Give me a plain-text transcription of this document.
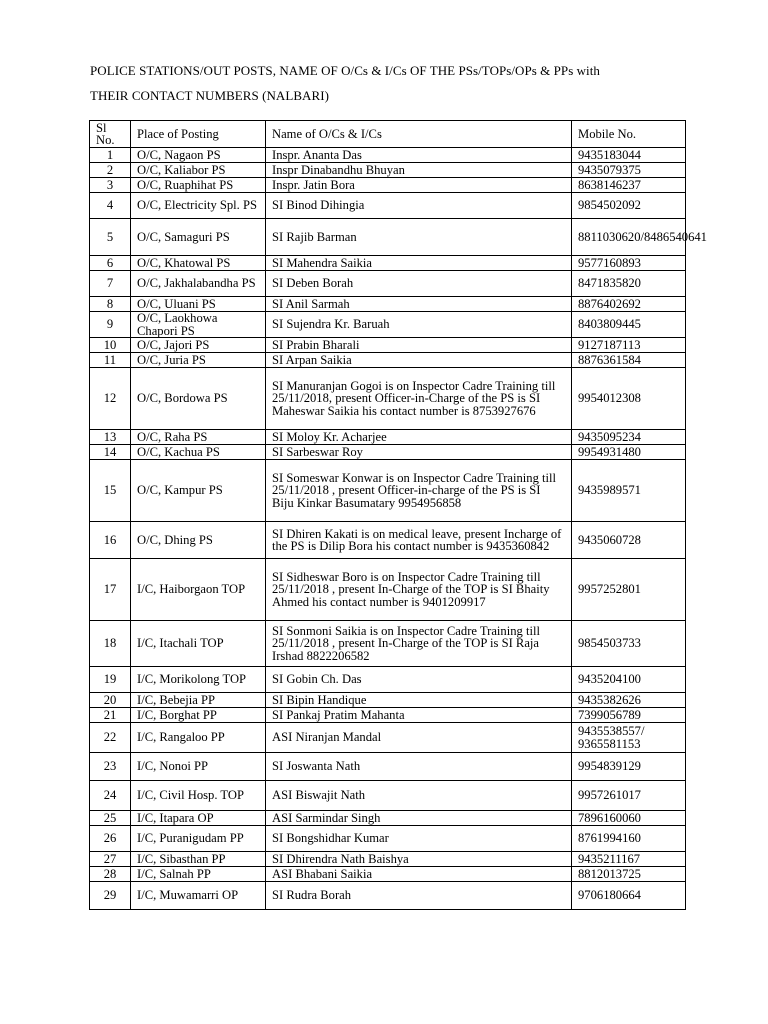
POLICE STATIONS/OUT POSTS, NAME OF O/Cs & I/Cs OF THE PSs/TOPs/OPs & PPs with
THEIR CONTACT NUMBERS (NALBARI)
Sl No.	Place of Posting	Name of O/Cs & I/Cs	Mobile No.
1	O/C, Nagaon PS	Inspr. Ananta Das	9435183044
2	O/C, Kaliabor PS	Inspr Dinabandhu Bhuyan	9435079375
3	O/C, Ruaphihat PS	Inspr. Jatin Bora	8638146237
4	O/C, Electricity Spl. PS	SI Binod Dihingia	9854502092
5	O/C, Samaguri PS	SI Rajib Barman	8811030620/8486540641
6	O/C, Khatowal PS	SI Mahendra Saikia	9577160893
7	O/C, Jakhalabandha PS	SI Deben Borah	8471835820
8	O/C, Uluani PS	SI Anil Sarmah	8876402692
9	O/C, Laokhowa Chapori PS	SI Sujendra Kr. Baruah	8403809445
10	O/C, Jajori PS	SI Prabin Bharali	9127187113
11	O/C, Juria PS	SI Arpan Saikia	8876361584
12	O/C, Bordowa PS	SI Manuranjan Gogoi is on Inspector Cadre Training till 25/11/2018, present Officer-in-Charge of the PS is SI Maheswar Saikia his contact number is 8753927676	9954012308
13	O/C, Raha PS	SI Moloy Kr. Acharjee	9435095234
14	O/C, Kachua PS	SI Sarbeswar Roy	9954931480
15	O/C, Kampur PS	SI Someswar Konwar is on Inspector Cadre Training till 25/11/2018 , present Officer-in-charge of the PS is SI Biju Kinkar Basumatary 9954956858	9435989571
16	O/C, Dhing PS	SI Dhiren Kakati is on medical leave, present Incharge of the PS is Dilip Bora his contact number is 9435360842	9435060728
17	I/C, Haiborgaon TOP	SI Sidheswar Boro is on Inspector Cadre Training till 25/11/2018 , present In-Charge of the TOP is SI Bhaity Ahmed his contact number is 9401209917	9957252801
18	I/C, Itachali TOP	SI Sonmoni Saikia is on Inspector Cadre Training till 25/11/2018 , present In-Charge of the TOP is SI Raja Irshad 8822206582	9854503733
19	I/C, Morikolong TOP	SI Gobin Ch. Das	9435204100
20	I/C, Bebejia PP	SI Bipin Handique	9435382626
21	I/C, Borghat PP	SI Pankaj Pratim Mahanta	7399056789
22	I/C, Rangaloo PP	ASI Niranjan Mandal	9435538557/ 9365581153
23	I/C, Nonoi PP	SI Joswanta Nath	9954839129
24	I/C, Civil Hosp. TOP	ASI Biswajit Nath	9957261017
25	I/C, Itapara OP	ASI Sarmindar Singh	7896160060
26	I/C, Puranigudam PP	SI Bongshidhar Kumar	8761994160
27	I/C, Sibasthan PP	SI Dhirendra Nath Baishya	9435211167
28	I/C, Salnah PP	ASI Bhabani Saikia	8812013725
29	I/C, Muwamarri OP	SI Rudra Borah	9706180664
